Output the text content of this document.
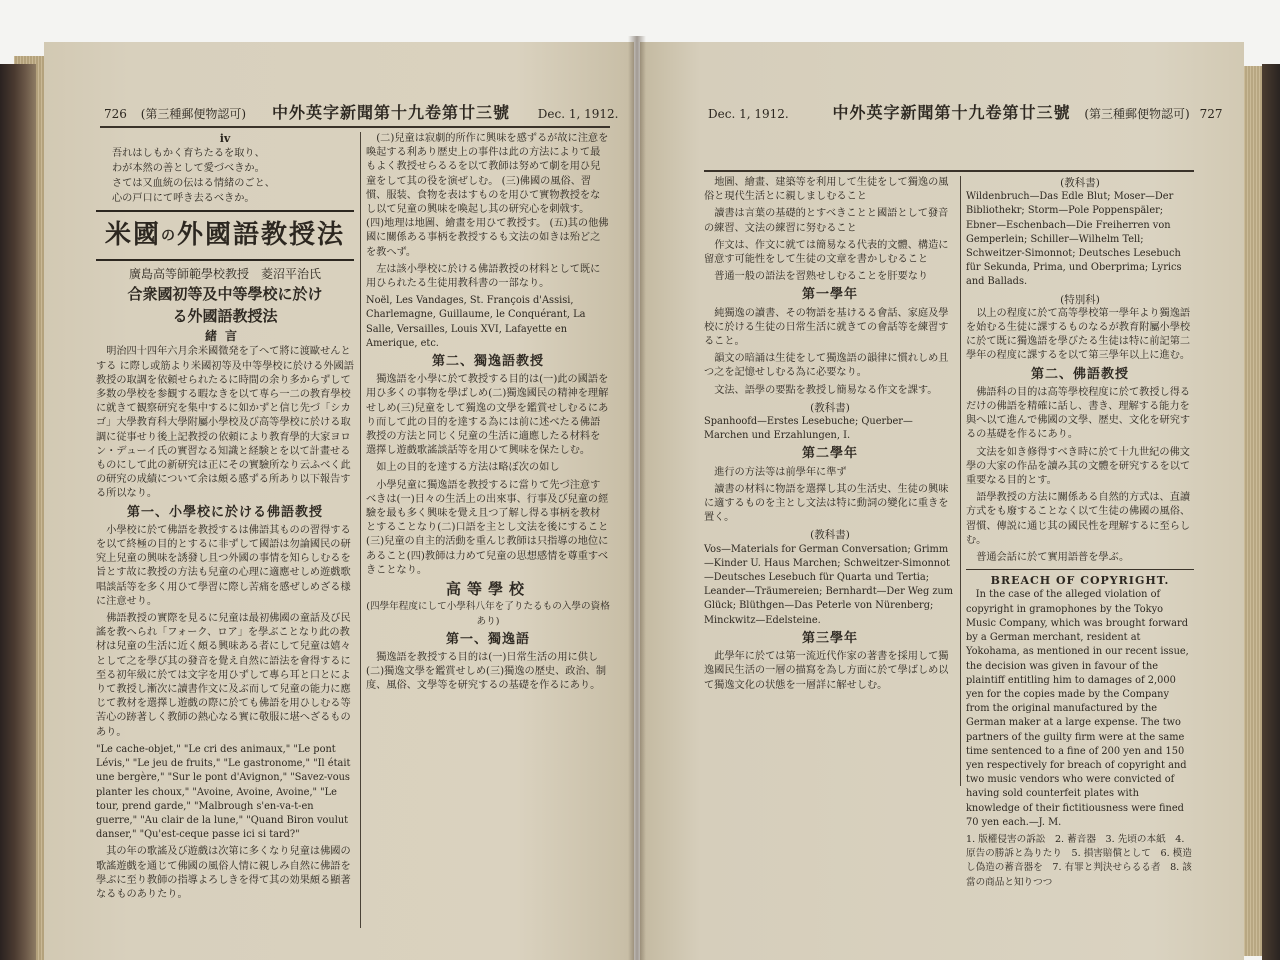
726 (第三種郵便物認可) 中外英字新聞第十九卷第廿三號 Dec. 1, 1912.
iv
吾れはしもかく育ちたるを取り、
わが本然の善として愛づべきか。
さては又血統の伝はる情緒のごと、
心の戸口にて呼き去るべきか。
米國の外國語教授法
廣島高等師範學校教授　菱沼平治氏
合衆國初等及中等學校に於け
る外國語教授法
緒言

明治四十四年六月余米國微発を了へて將に渡歐せんとする に際し或筋より米國初等及中等學校に於ける外國語教授の取調を依頼せられたるに時間の余り多からずして多数の學校を参観する暇なきを以て専ら一二の教育學校に就きて観察研究を集中するに如かずと信じ先づ「シカゴ」大學教育科大學附屬小學校及び高等學校に於ける取調に従事せり後上記教授の依頼により教育學的大家ヨロン・デューイ氏の實習なる知識と経験とを以て計畫せるものにして此の新研究は正にその實驗所なり云ふべく此の研究の成績について余は頗る感ずる所あり以下報告する所以なり。

第一、小學校に於ける佛語教授

小學校に於て佛語を教授するは佛語其ものの習得するを以て終極の目的とするに非ずして國語は勿論國民の研究上兒童の興味を誘發し且つ外國の事情を知らしむるを旨とす故に教授の方法も兒童の心理に適應せしめ遊戲歌唱談話等を多く用ひて學習に際し苦痛を感ぜしめざる様に注意せり。

佛語教授の實際を見るに兒童は最初佛國の童話及び民謠を教へられ「フォーク、ロア」を學ぶことなり此の教材は兒童の生活に近く頗る興味ある者にして兒童は嬉々として之を學び其の發音を覺え自然に語法を會得するに至る初年級に於ては文字を用ひずして專ら耳と口とによりて教授し漸次に讀書作文に及ぶ而して兒童の能力に應じて教材を選擇し遊戲の際に於ても佛語を用ひしむる等苦心の跡著しく教師の熱心なる實に敬服に堪へざるものあり。

"Le cache-objet," "Le cri des animaux," "Le pont Lévis," "Le jeu de fruits," "Le gastronome," "Il était une bergère," "Sur le pont d'Avignon," "Savez-vous planter les choux," "Avoine, Avoine, Avoine," "Le tour, prend garde," "Malbrough s'en-va-t-en guerre," "Au clair de la lune," "Quand Biron voulut danser," "Qu'est-ceque passe ici si tard?"

其の年の歌謠及び遊戲は次第に多くなり兒童は佛國の歌謠遊戲を通じて佛國の風俗人情に親しみ自然に佛語を學ぶに至り教師の指導よろしきを得て其の効果頗る顯著なるものありたり。

(二)兒童は寂劇的所作に興味を感ずるが故に注意を喚起する利あり歴史上の事件は此の方法によりて最もよく教授せらるるを以て教師は努めて劇を用ひ兒童をして其の役を演ぜしむ。 (三)佛國の風俗、習慣、服装、食物を表はすものを用ひて實物教授をなし以て兒童の興味を喚起し其の研究心を刺戟す。 (四)地理は地圖、繪畫を用ひて教授す。 (五)其の他佛國に關係ある事柄を教授するも文法の如きは殆ど之を教へず。

左は該小學校に於ける佛語教授の材料として既に用ひられたる生徒用教科書の一部なり。

Noël, Les Vandages, St. François d'Assisi, Charlemagne, Guillaume, le Conquérant, La Salle, Versailles, Louis XVI, Lafayette en Amerique, etc.

第二、獨逸語教授

獨逸語を小學に於て教授する目的は(一)此の國語を用ひ多くの事物を學ばしめ(二)獨逸國民の精神を理解せしめ(三)兒童をして獨逸の文學を鑑賞せしむるにあり而して此の目的を達する為には前に述べたる佛語教授の方法と同じく兒童の生活に適應したる材料を選擇し遊戲歌謠談話等を用ひて興味を保たしむ。

如上の目的を達する方法は略ぼ次の如し

小學兒童に獨逸語を教授するに當りて先づ注意すべきは(一)日々の生活上の出來事、行事及び兒童の經驗を最も多く興味を覺え且つ了解し得る事柄を教材とすることなり(二)口語を主とし文法を後にすること(三)兒童の自主的活動を重んじ教師は只指導の地位にあること(四)教師は力めて兒童の思想感情を尊重すべきことなり。

高等學校

(四學年程度にして小學科八年を了りたるもの入學の資格あり)

第一、獨逸語

獨逸語を教授する目的は(一)日常生活の用に供し(二)獨逸文學を鑑賞せしめ(三)獨逸の歴史、政治、制度、風俗、文學等を研究するの基礎を作るにあり。

Dec. 1, 1912.	中外英字新聞第十九卷第廿三號 (第三種郵便物認可) 727

地圖、繪畫、建築等を利用して生徒をして獨逸の風俗と現代生活とに親しましむること

讀書は言葉の基礎的とすべきことと國語として發音の練習、文法の練習に努むること

作文は、作文に就ては簡易なる代表的文體、構造に留意す可能性をして生徒の文章を書かしむること

普通一般の語法を習熟せしむることを肝要なり

第一學年

純獨逸の讀書、その物語を基けるる會話、家庭及學校に於ける生徒の日常生活に就きての會話等を練習すること。

韻文の暗誦は生徒をして獨逸語の韻律に慣れしめ且つ之を記憶せしむる為に必要なり。

文法、語學の要點を教授し簡易なる作文を課す。

(教科書)

Spanhoofd—Erstes Lesebuche; Querber—Marchen und Erzahlungen, I.

第二學年

進行の方法等は前學年に準ず

讀書の材料に物語を選擇し其の生活史、生徒の興味に適するものを主とし文法は特に動詞の變化に重きを置く。

(教科書)

Vos—Materials for German Conversation; Grimm—Kinder U. Haus Marchen; Schweitzer-Simonnot—Deutsches Lesebuch für Quarta und Tertia; Leander—Träumereien; Bernhardt—Der Weg zum Glück; Blüthgen—Das Peterle von Nürenberg; Minckwitz—Edelsteine.

第三學年

此學年に於ては第一流近代作家の著書を採用して獨逸國民生活の一層の描寫を為し方面に於て學ばしめ以て獨逸文化の状態を一層詳に解せしむ。

(教科書)

Wildenbruch—Das Edle Blut; Moser—Der Bibliothekr; Storm—Pole Poppenspäler; Ebner—Eschenbach—Die Freiherren von Gemperlein; Schiller—Wilhelm Tell; Schweitzer-Simonnot; Deutsches Lesebuch für Sekunda, Prima, und Oberprima; Lyrics and Ballads.

(特別科)

以上の程度に於て高等學校第一學年より獨逸語を始むる生徒に課するものなるが教育附屬小學校に於て既に獨逸語を學びたる生徒は特に前記第二學年の程度に課するを以て第三學年以上に進む。

第二、佛語教授

佛語科の目的は高等學校程度に於て教授し得るだけの佛語を精確に話し、書き、理解する能力を與へ以て進んで佛國の文學、歴史、文化を研究するの基礎を作るにあり。

文法を如き修得すべき時に於て十九世紀の佛文學の大家の作品を讀み其の文體を研究するを以て重要なる目的とす。

語學教授の方法に關係ある自然的方式は、直讀方式をも廢することなく以て生徒の佛國の風俗、習慣、傳説に通じ其の國民性を理解するに至らしむ。

普通会話に於て實用語普を學ぶ。

BREACH OF COPYRIGHT.

In the case of the alleged violation of copyright in gramophones by the Tokyo Music Company, which was brought forward by a German merchant, resident at Yokohama, as mentioned in our recent issue, the decision was given in favour of the plaintiff entitling him to damages of 2,000 yen for the copies made by the Company from the original manufactured by the German maker at a large expense. The two partners of the guilty firm were at the same time sentenced to a fine of 200 yen and 150 yen respectively for breach of copyright and two music vendors who were convicted of having sold counterfeit plates with knowledge of their fictitiousness were fined 70 yen each.—J. M.

1. 版權侵害の訴訟　2. 蓄音器　3. 先頃の本紙　4. 原告の勝訴と為りたり　5. 損害賠償として　6. 模造し偽造の蓄音器を　7. 有罪と判決せらるる者　8. 該當の商品と知りつつ
